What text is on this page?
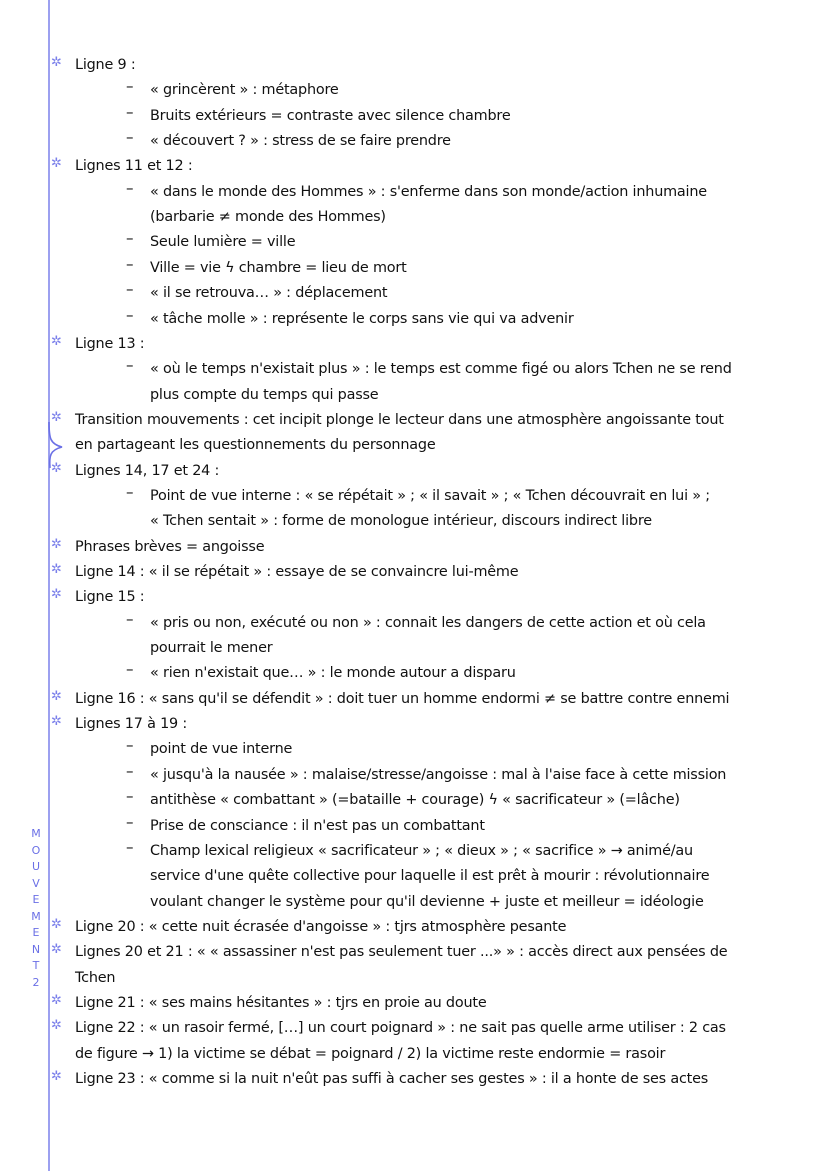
M
O
U
V
E
M
E
N
T
2
✲ Ligne 9 :
– « grincèrent » : métaphore
– Bruits extérieurs = contraste avec silence chambre
– « découvert ? » : stress de se faire prendre
✲ Lignes 11 et 12 :
– « dans le monde des Hommes » : s'enferme dans son monde/action inhumaine
(barbarie ≠ monde des Hommes)
– Seule lumière = ville
– Ville = vie ϟ chambre = lieu de mort
– « il se retrouva… » : déplacement
– « tâche molle » : représente le corps sans vie qui va advenir
✲ Ligne 13 :
– « où le temps n'existait plus » : le temps est comme figé ou alors Tchen ne se rend
plus compte du temps qui passe
✲ Transition mouvements : cet incipit plonge le lecteur dans une atmosphère angoissante tout
en partageant les questionnements du personnage
✲ Lignes 14, 17 et 24 :
– Point de vue interne : « se répétait » ; « il savait » ; « Tchen découvrait en lui » ;
« Tchen sentait » : forme de monologue intérieur, discours indirect libre
✲ Phrases brèves = angoisse
✲ Ligne 14 : « il se répétait » : essaye de se convaincre lui-même
✲ Ligne 15 :
– « pris ou non, exécuté ou non » : connait les dangers de cette action et où cela
pourrait le mener
– « rien n'existait que… » : le monde autour a disparu
✲ Ligne 16 : « sans qu'il se défendit » : doit tuer un homme endormi ≠ se battre contre ennemi
✲ Lignes 17 à 19 :
– point de vue interne
– « jusqu'à la nausée » : malaise/stresse/angoisse : mal à l'aise face à cette mission
– antithèse « combattant » (=bataille + courage) ϟ « sacrificateur » (=lâche)
– Prise de consciance : il n'est pas un combattant
– Champ lexical religieux « sacrificateur » ; « dieux » ; « sacrifice » → animé/au
service d'une quête collective pour laquelle il est prêt à mourir : révolutionnaire
voulant changer le système pour qu'il devienne + juste et meilleur = idéologie
✲ Ligne 20 : « cette nuit écrasée d'angoisse » : tjrs atmosphère pesante
✲ Lignes 20 et 21 : « « assassiner n'est pas seulement tuer ...» » : accès direct aux pensées de
Tchen
✲ Ligne 21 : « ses mains hésitantes » : tjrs en proie au doute
✲ Ligne 22 : « un rasoir fermé, […] un court poignard » : ne sait pas quelle arme utiliser : 2 cas
de figure → 1) la victime se débat = poignard / 2) la victime reste endormie = rasoir
✲ Ligne 23 : « comme si la nuit n'eût pas suffi à cacher ses gestes » : il a honte de ses actes
